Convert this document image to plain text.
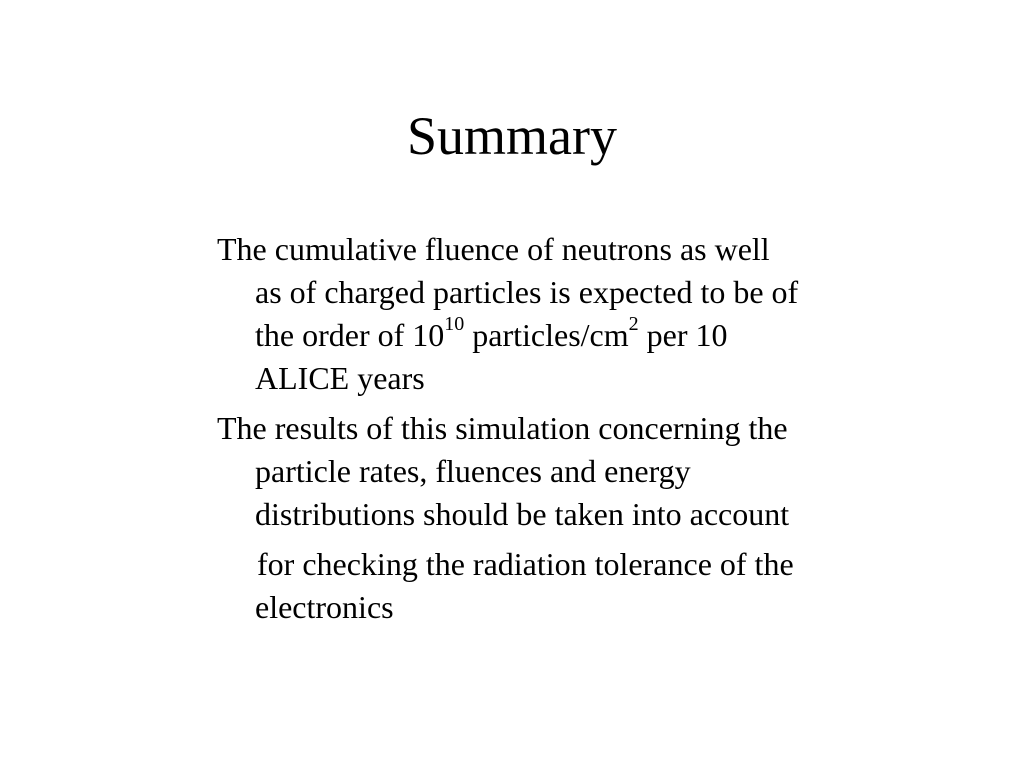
Summary
The cumulative fluence of neutrons as well
as of charged particles is expected to be of
the order of $10^{10}$ particles/$cm^2$ per 10
ALICE years
The results of this simulation concerning the
particle rates, fluences and energy
distributions should be taken into account
for checking the radiation tolerance of the
electronics
